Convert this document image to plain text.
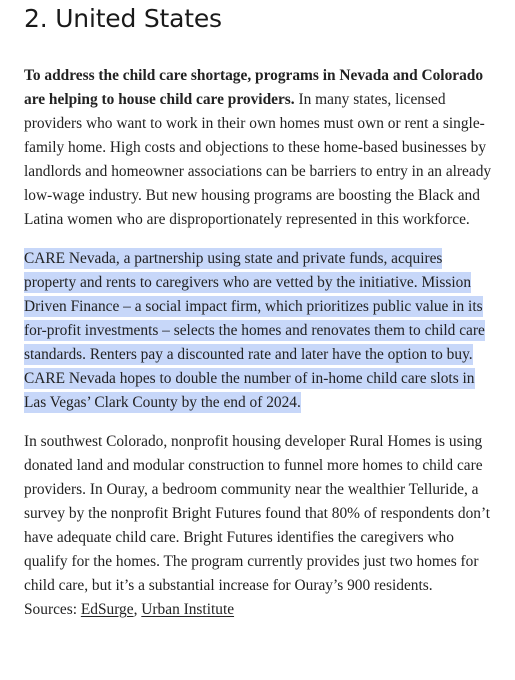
2. United States

To address the child care shortage, programs in Nevada and Colorado are helping to house child care providers. In many states, licensed providers who want to work in their own homes must own or rent a single-family home. High costs and objections to these home-based businesses by landlords and homeowner associations can be barriers to entry in an already low-wage industry. But new housing programs are boosting the Black and Latina women who are disproportionately represented in this workforce.

CARE Nevada, a partnership using state and private funds, acquires property and rents to caregivers who are vetted by the initiative. Mission Driven Finance – a social impact firm, which prioritizes public value in its for-profit investments – selects the homes and renovates them to child care standards. Renters pay a discounted rate and later have the option to buy. CARE Nevada hopes to double the number of in-home child care slots in Las Vegas’ Clark County by the end of 2024.

In southwest Colorado, nonprofit housing developer Rural Homes is using donated land and modular construction to funnel more homes to child care providers. In Ouray, a bedroom community near the wealthier Telluride, a survey by the nonprofit Bright Futures found that 80% of respondents don’t have adequate child care. Bright Futures identifies the caregivers who qualify for the homes. The program currently provides just two homes for child care, but it’s a substantial increase for Ouray’s 900 residents.

Sources: EdSurge, Urban Institute
